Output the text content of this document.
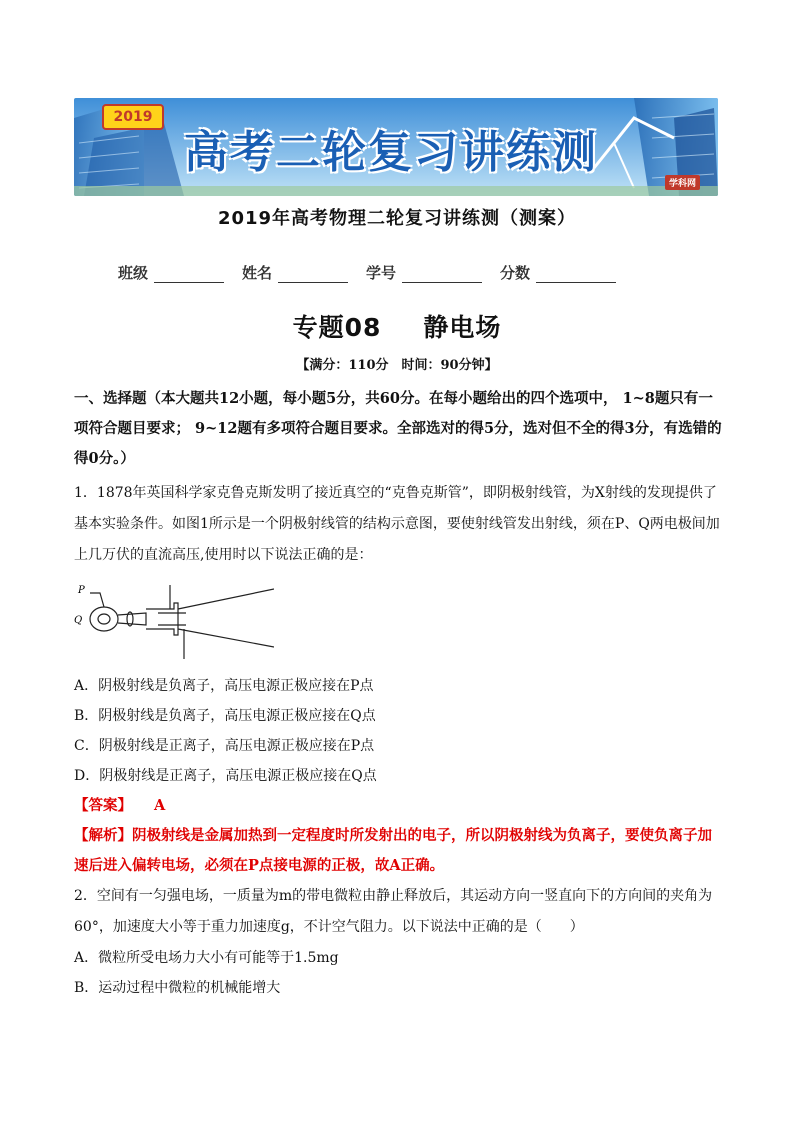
2019
高考二轮复习讲练测
学科网
2019年高考物理二轮复习讲练测（测案）
班级	姓名	学号	分数
专题08 静电场
【满分：110分　时间：90分钟】
一、选择题（本大题共12小题，每小题5分，共60分。在每小题给出的四个选项中， 1~8题只有一项符合题目要求； 9~12题有多项符合题目要求。全部选对的得5分，选对但不全的得3分，有选错的得0分。）
1．1878年英国科学家克鲁克斯发明了接近真空的“克鲁克斯管”，即阴极射线管，为X射线的发现提供了基本实验条件。如图1所示是一个阴极射线管的结构示意图，要使射线管发出射线，须在P、Q两电极间加上几万伏的直流高压,使用时以下说法正确的是：
P
Q
A．阴极射线是负离子，高压电源正极应接在P点
B．阴极射线是负离子，高压电源正极应接在Q点
C．阴极射线是正离子，高压电源正极应接在P点
D．阴极射线是正离子，高压电源正极应接在Q点
【答案】 A
【解析】阴极射线是金属加热到一定程度时所发射出的电子，所以阴极射线为负离子，要使负离子加速后进入偏转电场，必须在P点接电源的正极，故A正确。
2．空间有一匀强电场，一质量为m的带电微粒由静止释放后，其运动方向一竖直向下的方向间的夹角为60°，加速度大小等于重力加速度g，不计空气阻力。以下说法中正确的是（　　）
A．微粒所受电场力大小有可能等于1.5mg
B．运动过程中微粒的机械能增大
